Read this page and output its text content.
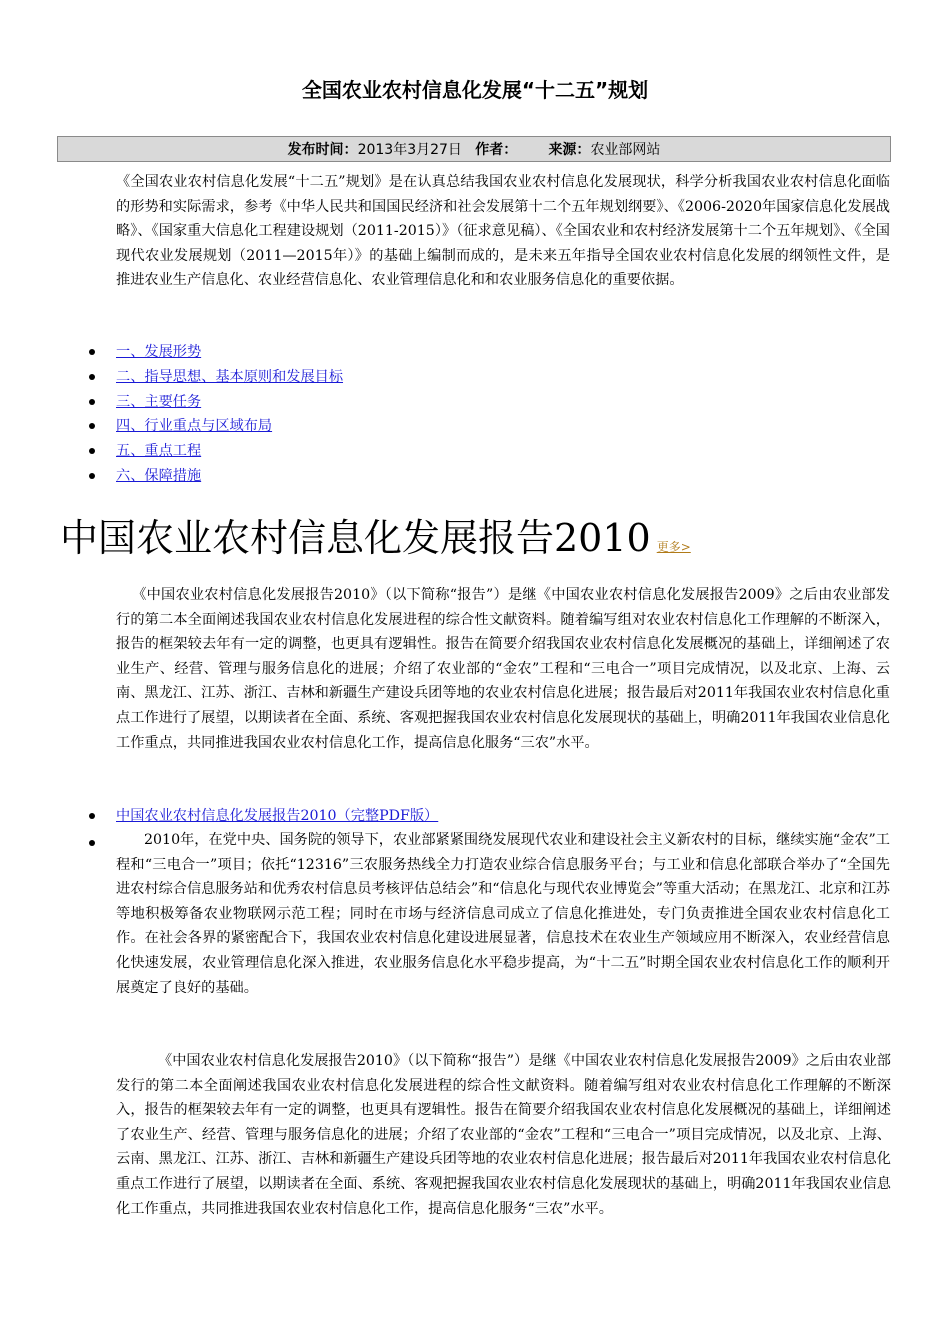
全国农业农村信息化发展“十二五”规划
发布时间：2013年3月27日 作者： 来源：农业部网站

《全国农业农村信息化发展“十二五”规划》是在认真总结我国农业农村信息化发展现状，科学分析我国农业农村信息化面临的形势和实际需求，参考《中华人民共和国国民经济和社会发展第十二个五年规划纲要》、《2006-2020年国家信息化发展战略》、《国家重大信息化工程建设规划（2011-2015）》（征求意见稿）、《全国农业和农村经济发展第十二个五年规划》、《全国现代农业发展规划（2011—2015年）》的基础上编制而成的，是未来五年指导全国农业农村信息化发展的纲领性文件，是推进农业生产信息化、农业经营信息化、农业管理信息化和和农业服务信息化的重要依据。

一、发展形势
二、指导思想、基本原则和发展目标
三、主要任务
四、行业重点与区域布局
五、重点工程
六、保障措施
中国农业农村信息化发展报告2010 更多>

《中国农业农村信息化发展报告2010》（以下简称“报告”）是继《中国农业农村信息化发展报告2009》之后由农业部发行的第二本全面阐述我国农业农村信息化发展进程的综合性文献资料。随着编写组对农业农村信息化工作理解的不断深入，报告的框架较去年有一定的调整，也更具有逻辑性。报告在简要介绍我国农业农村信息化发展概况的基础上，详细阐述了农业生产、经营、管理与服务信息化的进展；介绍了农业部的“金农”工程和“三电合一”项目完成情况，以及北京、上海、云南、黑龙江、江苏、浙江、吉林和新疆生产建设兵团等地的农业农村信息化进展；报告最后对2011年我国农业农村信息化重点工作进行了展望，以期读者在全面、系统、客观把握我国农业农村信息化发展现状的基础上，明确2011年我国农业信息化工作重点，共同推进我国农业农村信息化工作，提高信息化服务“三农”水平。

中国农业农村信息化发展报告2010（完整PDF版）

2010年，在党中央、国务院的领导下，农业部紧紧围绕发展现代农业和建设社会主义新农村的目标，继续实施“金农”工程和“三电合一”项目；依托“12316”三农服务热线全力打造农业综合信息服务平台；与工业和信息化部联合举办了“全国先进农村综合信息服务站和优秀农村信息员考核评估总结会”和“信息化与现代农业博览会”等重大活动；在黑龙江、北京和江苏等地积极筹备农业物联网示范工程；同时在市场与经济信息司成立了信息化推进处，专门负责推进全国农业农村信息化工作。在社会各界的紧密配合下，我国农业农村信息化建设进展显著，信息技术在农业生产领域应用不断深入，农业经营信息化快速发展，农业管理信息化深入推进，农业服务信息化水平稳步提高，为“十二五”时期全国农业农村信息化工作的顺利开展奠定了良好的基础。

《中国农业农村信息化发展报告2010》（以下简称“报告”）是继《中国农业农村信息化发展报告2009》之后由农业部发行的第二本全面阐述我国农业农村信息化发展进程的综合性文献资料。随着编写组对农业农村信息化工作理解的不断深入，报告的框架较去年有一定的调整，也更具有逻辑性。报告在简要介绍我国农业农村信息化发展概况的基础上，详细阐述了农业生产、经营、管理与服务信息化的进展；介绍了农业部的“金农”工程和“三电合一”项目完成情况，以及北京、上海、云南、黑龙江、江苏、浙江、吉林和新疆生产建设兵团等地的农业农村信息化进展；报告最后对2011年我国农业农村信息化重点工作进行了展望，以期读者在全面、系统、客观把握我国农业农村信息化发展现状的基础上，明确2011年我国农业信息化工作重点，共同推进我国农业农村信息化工作，提高信息化服务“三农”水平。
